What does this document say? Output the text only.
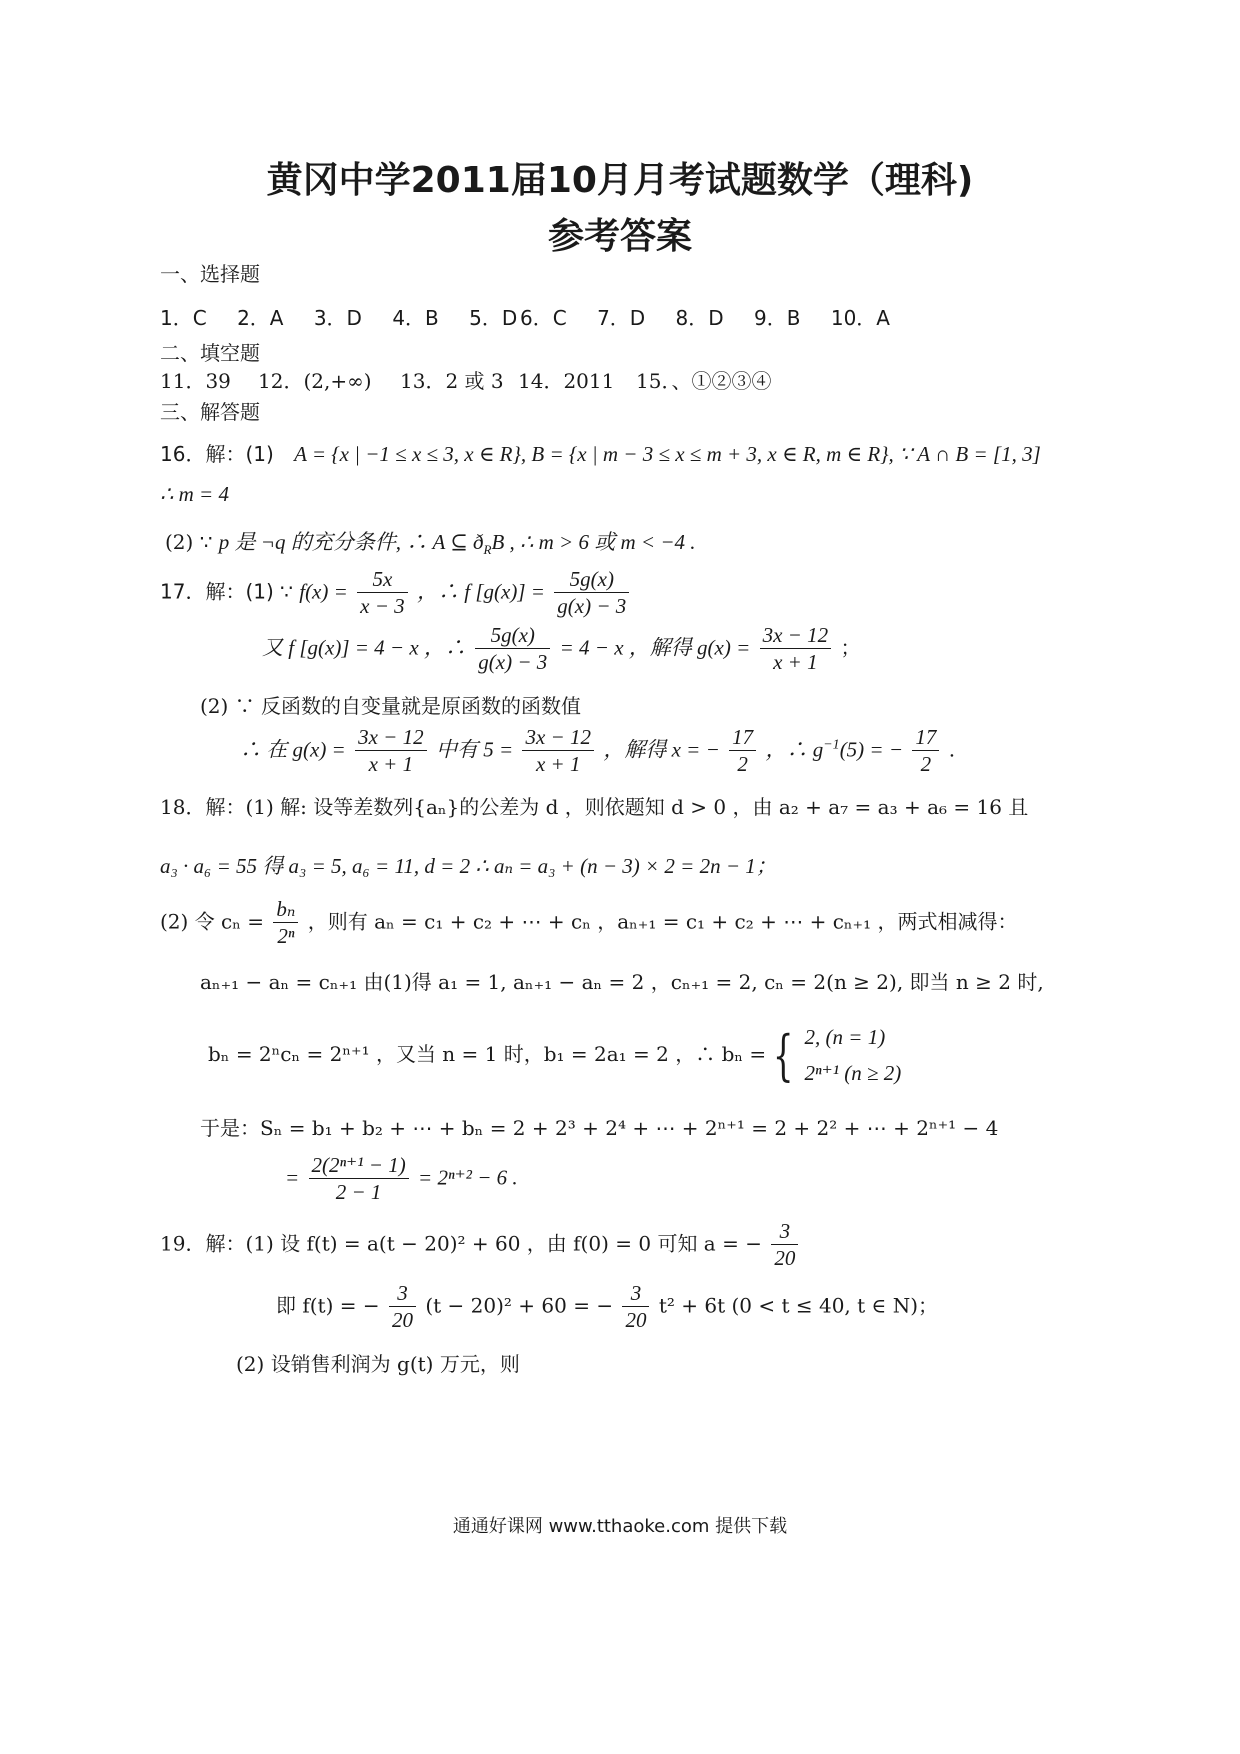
黄冈中学2011届10月月考试题数学（理科)
参考答案
一、选择题
1．C 2．A 3．D 4．B 5．D 6．C 7．D 8．D 9．B 10．A
二、填空题
11．39 12．(2,+∞) 13．2 或 3 14．2011 15．、①②③④
三、解答题
16．解：(1) A = {x | −1 ≤ x ≤ 3, x ∈ R}, B = {x | m − 3 ≤ x ≤ m + 3, x ∈ R, m ∈ R}, ∵ A ∩ B = [1, 3]
∴ m = 4
(2) ∵ p 是 ¬q 的充分条件, ∴ A ⊆ $ð_RB$ , ∴ m > 6 或 m < −4 .
17．解：(1) ∵ $f(x) = \frac{5x}{x - 3}$ ，∴ f $[g(x)] = \frac{5g(x)}{g(x) - 3}$
又 f [g(x)] = 4 − x ，∴ $\frac{5g(x)}{g(x) - 3} = 4 - x$ ，解得 $g(x) = \frac{3x - 12}{x + 1}$ ；
(2) ∵ 反函数的自变量就是原函数的函数值
∴ 在 $g(x) = \frac{3x - 12}{x + 1}$ 中有 $5 = \frac{3x - 12}{x + 1}$ ，解得 x = − $\frac{17}{2}$ ，∴ $g^{-1}(5)$ = − $\frac{17}{2}$ .
18．解：(1) 解: 设等差数列{aₙ}的公差为 d ，则依题知 d > 0 ，由 a₂ + a₇ = a₃ + a₆ = 16 且
a₃ · a₆ = 55 得 a₃ = 5, a₆ = 11, d = 2 ∴ aₙ = a₃ + (n − 3) × 2 = 2n − 1；
(2) 令 $c_n = \frac{\text{bₙ}}{\text{2ⁿ}}$ ，则有 aₙ = c₁ + c₂ + ⋯ + cₙ ，aₙ₊₁ = c₁ + c₂ + ⋯ + cₙ₊₁ ，两式相减得：
aₙ₊₁ − aₙ = cₙ₊₁ 由(1)得 a₁ = 1, aₙ₊₁ − aₙ = 2 ，cₙ₊₁ = 2, cₙ = 2(n ≥ 2), 即当 n ≥ 2 时,
bₙ = 2ⁿcₙ = 2ⁿ⁺¹ ，又当 n = 1 时，b₁ = 2a₁ = 2 ，∴ bₙ = { 2, (n = 1)
2ⁿ⁺¹ (n ≥ 2)
于是：Sₙ = b₁ + b₂ + ⋯ + bₙ = 2 + 2³ + 2⁴ + ⋯ + 2ⁿ⁺¹ = 2 + 2² + ⋯ + 2ⁿ⁺¹ − 4
= $\frac{\text{2(2ⁿ⁺¹ − 1)}}{2 - 1} = 2^{n+2} - 6$ .
19．解：(1) 设 f(t) = a(t − 20)² + 60 ，由 f(0) = 0 可知 a = − $\frac{3}{20}$
即 f(t) = − $\frac{3}{20} (t - 20)^2 + 60$ = − $\frac{3}{20} t^2 + 6t$ (0 < t ≤ 40, t ∈ N)；
(2) 设销售利润为 g(t) 万元，则
通通好课网 www.tthaoke.com 提供下载
